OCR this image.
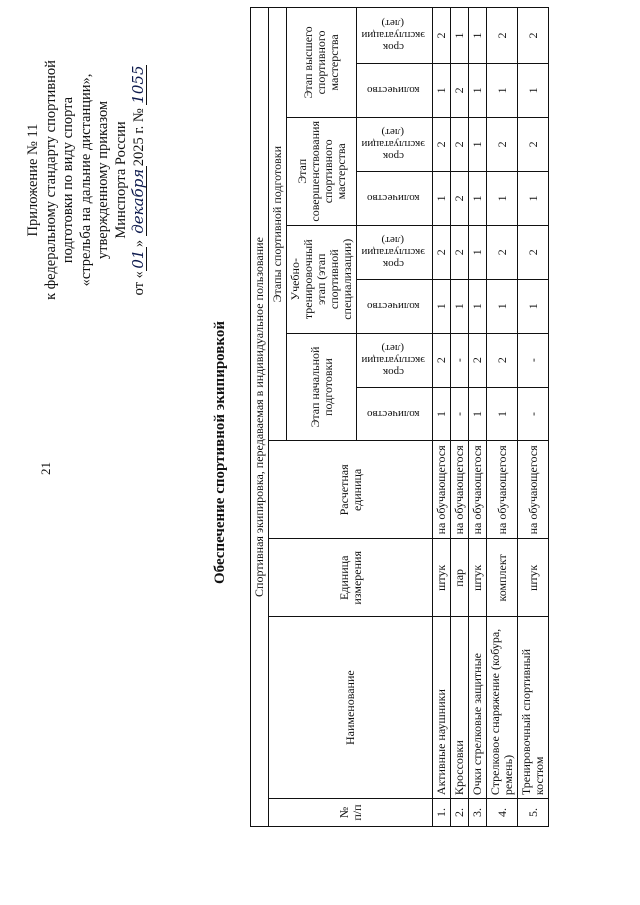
21
Приложение № 11 к федеральному стандарту спортивной подготовки по виду спорта «стрельба на дальние дистанции», утвержденному приказом Минспорта России
от «01» декабря2025 г. № 1055
Обеспечение спортивной экипировкой Спортивная экипировка, передаваемая в индивидуальное пользование											
№ п/п	Наименование	Единица измерения	Расчетная единица	Этапы спортивной подготовки							
				Этап начальной подготовки		Учебно-тренировочный этап (этап спортивной специализации)		Этап совершенствования спортивного мастерства		Этап высшего спортивного мастерства	
				количество	срок эксплуатации (лет)	количество	срок эксплуатации (лет)	количество	срок эксплуатации (лет)	количество	срок эксплуатации (лет)
1.	Активные наушники	штук	на обучающегося	1	2	1	2	1	2	1	2
2.	Кроссовки	пар	на обучающегося	-	-	1	2	2	2	2	1
3.	Очки стрелковые защитные	штук	на обучающегося	1	2	1	1	1	1	1	1
4.	Стрелковое снаряжение (кобура, ремень)	комплект	на обучающегося	1	2	1	2	1	2	1	2
5.	Тренировочный спортивный костюм	штук	на обучающегося	-	-	1	2	1	2	1	2
